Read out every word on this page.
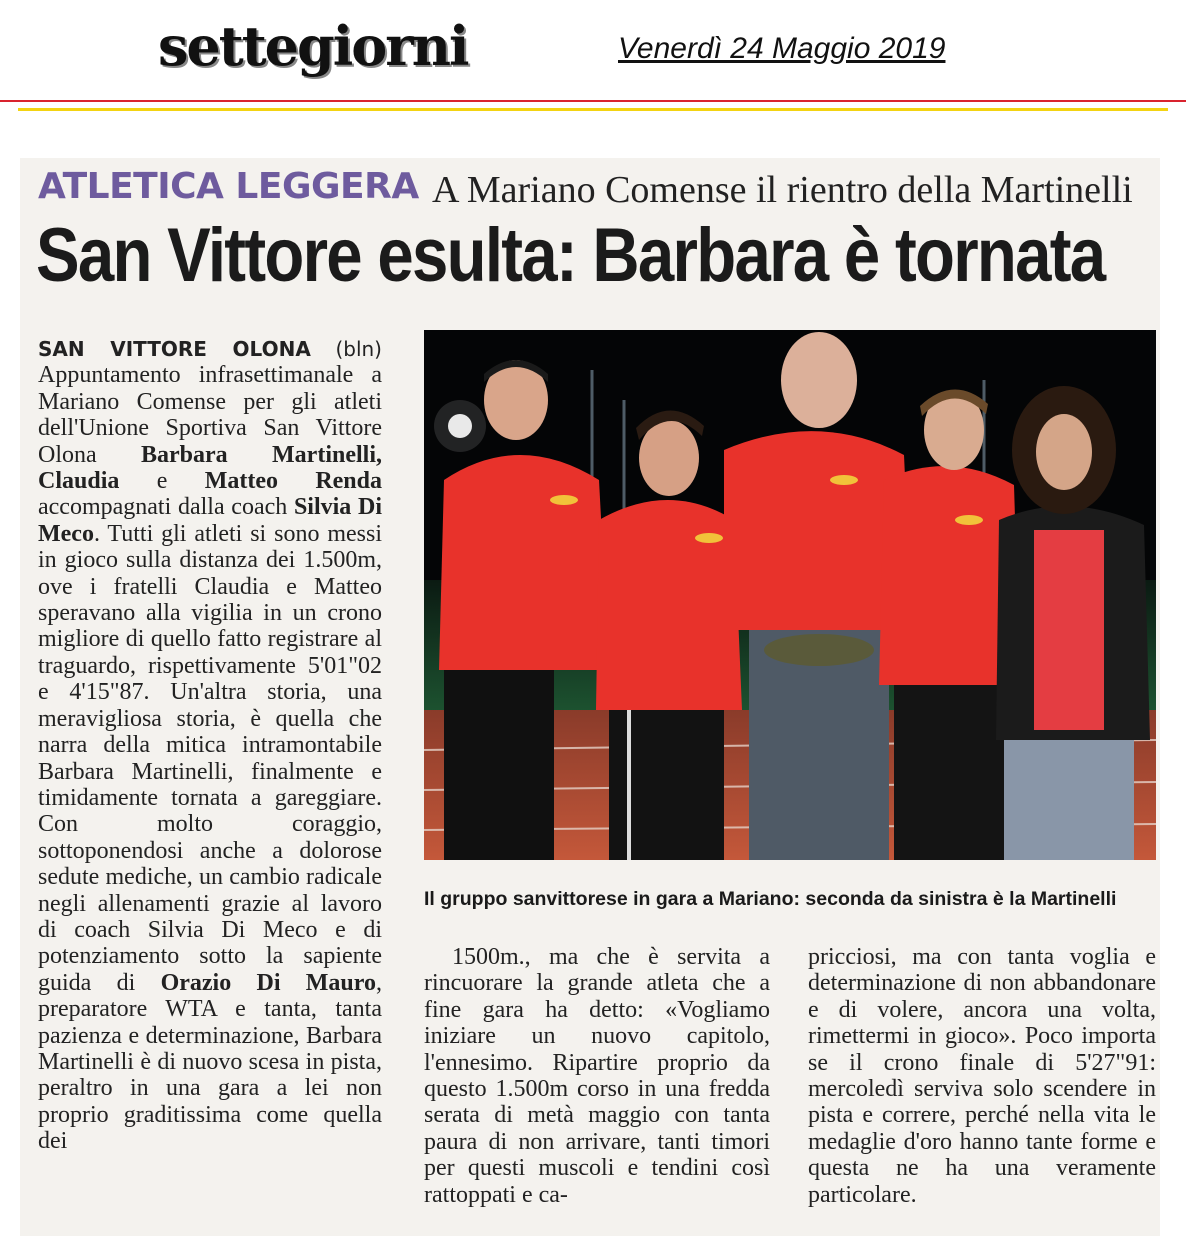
settegiorni	Venerdì 24 Maggio 2019
ATLETICA LEGGERA A Mariano Comense il rientro della Martinelli
San Vittore esulta: Barbara è tornata
SAN VITTORE OLONA (bln) Appuntamento infrasettimanale a Mariano Comense per gli atleti dell'Unione Sportiva San Vittore Olona Barbara Martinelli, Claudia e Matteo Renda accompagnati dalla coach Silvia Di Meco. Tutti gli atleti si sono messi in gioco sulla distanza dei 1.500m, ove i fratelli Claudia e Matteo speravano alla vigilia in un crono migliore di quello fatto registrare al traguardo, rispettivamente 5'01"02 e 4'15"87. Un'altra storia, una meravigliosa storia, è quella che narra della mitica intramontabile Barbara Martinelli, finalmente e timidamente tornata a gareggiare. Con molto coraggio, sottoponendosi anche a dolorose sedute mediche, un cambio radicale negli allenamenti grazie al lavoro di coach Silvia Di Meco e di potenziamento sotto la sapiente guida di Orazio Di Mauro, preparatore WTA e tanta, tanta pazienza e determinazione, Barbara Martinelli è di nuovo scesa in pista, peraltro in una gara a lei non proprio graditissima come quella dei
Il gruppo sanvittorese in gara a Mariano: seconda da sinistra è la Martinelli

1500m., ma che è servita a rincuorare la grande atleta che a fine gara ha detto: «Vogliamo iniziare un nuovo capitolo, l'ennesimo. Ripartire proprio da questo 1.500m corso in una fredda serata di metà maggio con tanta paura di non arrivare, tanti timori per questi muscoli e tendini così rattoppati e ca-

pricciosi, ma con tanta voglia e determinazione di non abbandonare e di volere, ancora una volta, rimettermi in gioco». Poco importa se il crono finale di 5'27"91: mercoledì serviva solo scendere in pista e correre, perché nella vita le medaglie d'oro hanno tante forme e questa ne ha una veramente particolare.
